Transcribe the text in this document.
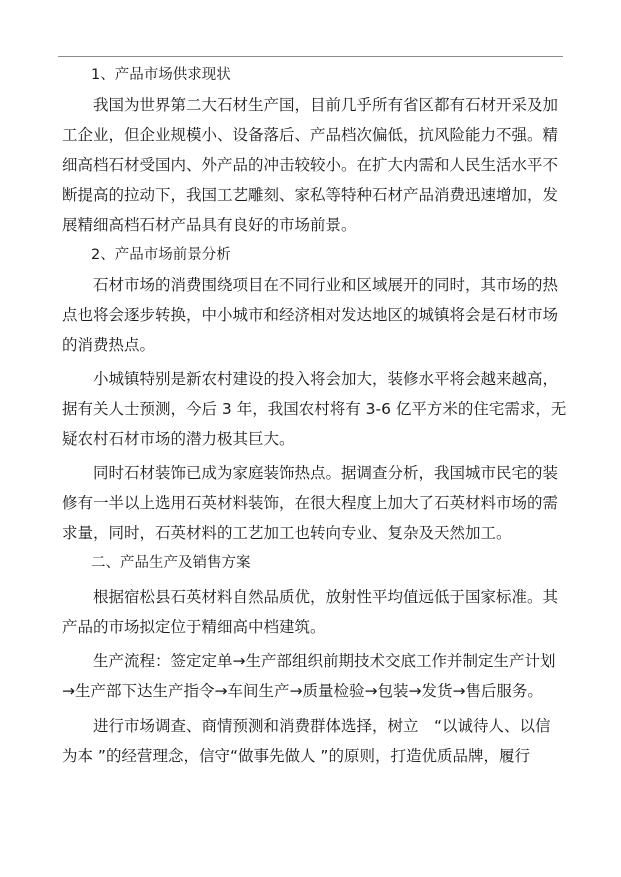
　　1、产品市场供求现状
　　我国为世界第二大石材生产国，目前几乎所有省区都有石材开采及加
工企业，但企业规模小、设备落后、产品档次偏低，抗风险能力不强。精
细高档石材受国内、外产品的冲击较较小。在扩大内需和人民生活水平不
断提高的拉动下，我国工艺雕刻、家私等特种石材产品消费迅速增加，发
展精细高档石材产品具有良好的市场前景。
　　2、产品市场前景分析
　　石材市场的消费围绕项目在不同行业和区域展开的同时，其市场的热
点也将会逐步转换，中小城市和经济相对发达地区的城镇将会是石材市场
的消费热点。
　　小城镇特别是新农村建设的投入将会加大，装修水平将会越来越高，
据有关人士预测，今后 3 年，我国农村将有 3-6 亿平方米的住宅需求，无
疑农村石材市场的潜力极其巨大。
　　同时石材装饰已成为家庭装饰热点。据调查分析，我国城市民宅的装
修有一半以上选用石英材料装饰，在很大程度上加大了石英材料市场的需
求量，同时，石英材料的工艺加工也转向专业、复杂及天然加工。
　　二、产品生产及销售方案
　　根据宿松县石英材料自然品质优，放射性平均值远低于国家标准。其
产品的市场拟定位于精细高中档建筑。
　　生产流程：签定定单→生产部组织前期技术交底工作并制定生产计划
→生产部下达生产指令→车间生产→质量检验→包装→发货→售后服务。
　　进行市场调查、商情预测和消费群体选择，树立　“以诚待人、以信
为本 ”的经营理念，信守“做事先做人 ”的原则，打造优质品牌，履行
